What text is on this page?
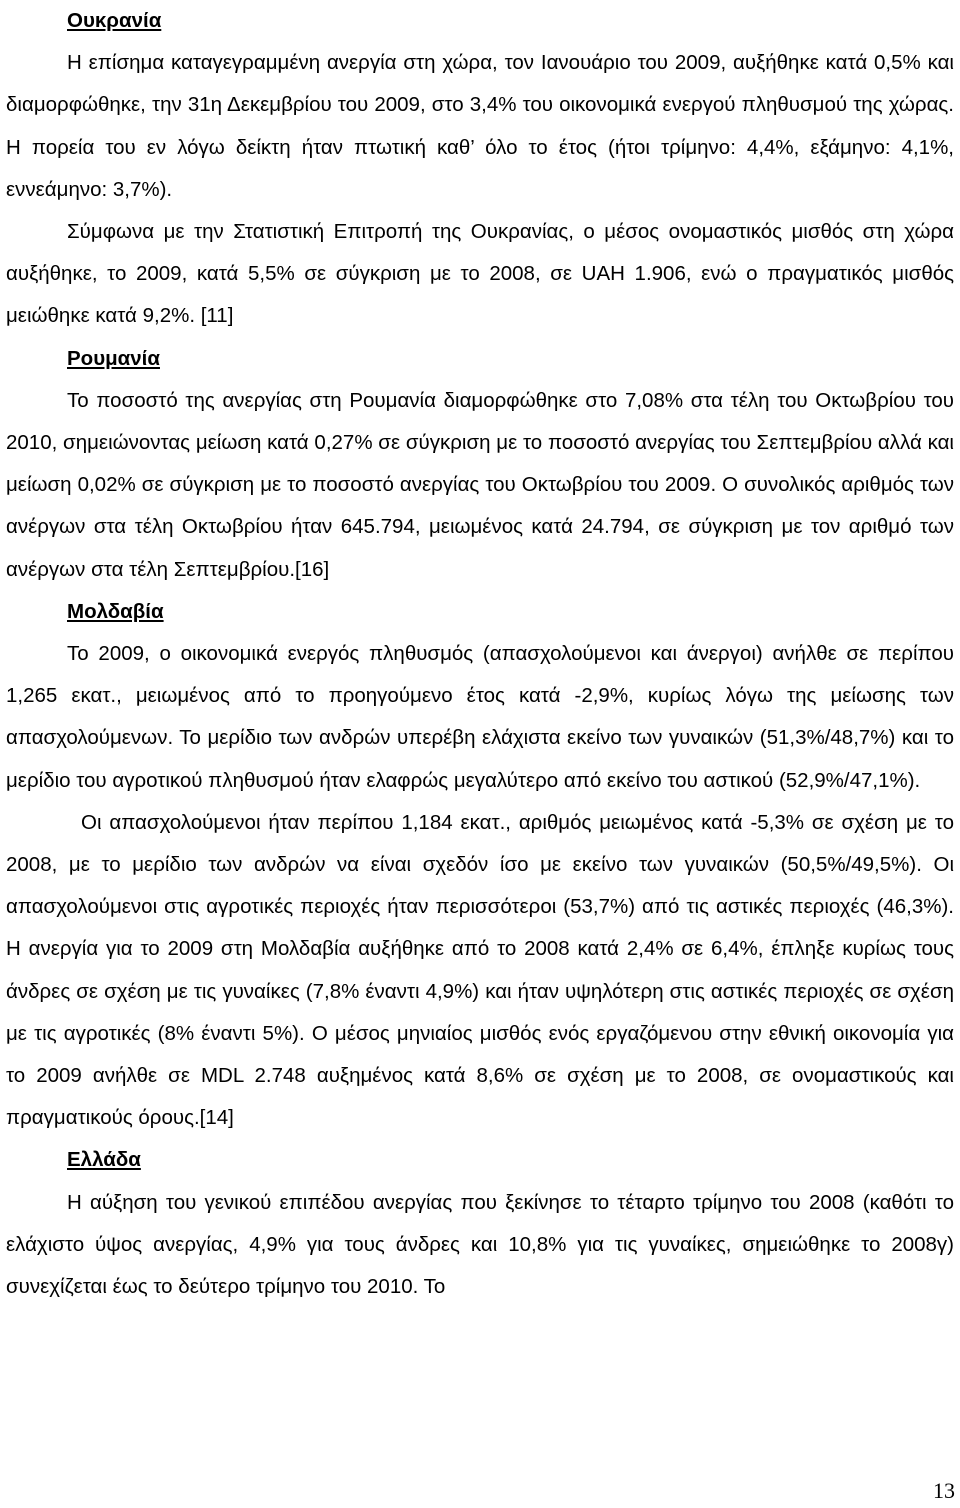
Ουκρανία

Η επίσημα καταγεγραμμένη ανεργία στη χώρα, τον Ιανουάριο του 2009, αυξήθηκε κατά 0,5% και διαμορφώθηκε, την 31η Δεκεμβρίου του 2009, στο 3,4% του οικονομικά ενεργού πληθυσμού της χώρας. Η πορεία του εν λόγω δείκτη ήταν πτωτική καθ’ όλο το έτος (ήτοι τρίμηνο: 4,4%, εξάμηνο: 4,1%, εννεάμηνο: 3,7%).

Σύμφωνα με την Στατιστική Επιτροπή της Ουκρανίας, ο μέσος ονομαστικός μισθός στη χώρα αυξήθηκε, το 2009, κατά 5,5% σε σύγκριση με το 2008, σε UAH 1.906, ενώ ο πραγματικός μισθός μειώθηκε κατά 9,2%. [11]

Ρουμανία

Το ποσοστό της ανεργίας στη Ρουμανία διαμορφώθηκε στο 7,08% στα τέλη του Οκτωβρίου του 2010, σημειώνοντας μείωση κατά 0,27% σε σύγκριση με το ποσοστό ανεργίας του Σεπτεμβρίου αλλά και μείωση 0,02% σε σύγκριση με το ποσοστό ανεργίας του Οκτωβρίου του 2009. Ο συνολικός αριθμός των ανέργων στα τέλη Οκτωβρίου ήταν 645.794, μειωμένος κατά 24.794, σε σύγκριση με τον αριθμό των ανέργων στα τέλη Σεπτεμβρίου.[16]

Μολδαβία

Το 2009, ο οικονομικά ενεργός πληθυσμός (απασχολούμενοι και άνεργοι) ανήλθε σε περίπου 1,265 εκατ., μειωμένος από το προηγούμενο έτος κατά -2,9%, κυρίως λόγω της μείωσης των απασχολούμενων. Το μερίδιο των ανδρών υπερέβη ελάχιστα εκείνο των γυναικών (51,3%/48,7%) και το μερίδιο του αγροτικού πληθυσμού ήταν ελαφρώς μεγαλύτερο από εκείνο του αστικού (52,9%/47,1%).

Οι απασχολούμενοι ήταν περίπου 1,184 εκατ., αριθμός μειωμένος κατά -5,3% σε σχέση με το 2008, με το μερίδιο των ανδρών να είναι σχεδόν ίσο με εκείνο των γυναικών (50,5%/49,5%). Οι απασχολούμενοι στις αγροτικές περιοχές ήταν περισσότεροι (53,7%) από τις αστικές περιοχές (46,3%). Η ανεργία για το 2009 στη Μολδαβία αυξήθηκε από το 2008 κατά 2,4% σε 6,4%, έπληξε κυρίως τους άνδρες σε σχέση με τις γυναίκες (7,8% έναντι 4,9%) και ήταν υψηλότερη στις αστικές περιοχές σε σχέση με τις αγροτικές (8% έναντι 5%). Ο μέσος μηνιαίος μισθός ενός εργαζόμενου στην εθνική οικονομία για το 2009 ανήλθε σε MDL 2.748 αυξημένος κατά 8,6% σε σχέση με το 2008, σε ονομαστικούς και πραγματικούς όρους.[14]

Ελλάδα

Η αύξηση του γενικού επιπέδου ανεργίας που ξεκίνησε το τέταρτο τρίμηνο του 2008 (καθότι το ελάχιστο ύψος ανεργίας, 4,9% για τους άνδρες και 10,8% για τις γυναίκες, σημειώθηκε το 2008γ) συνεχίζεται έως το δεύτερο τρίμηνο του 2010. Το

13
